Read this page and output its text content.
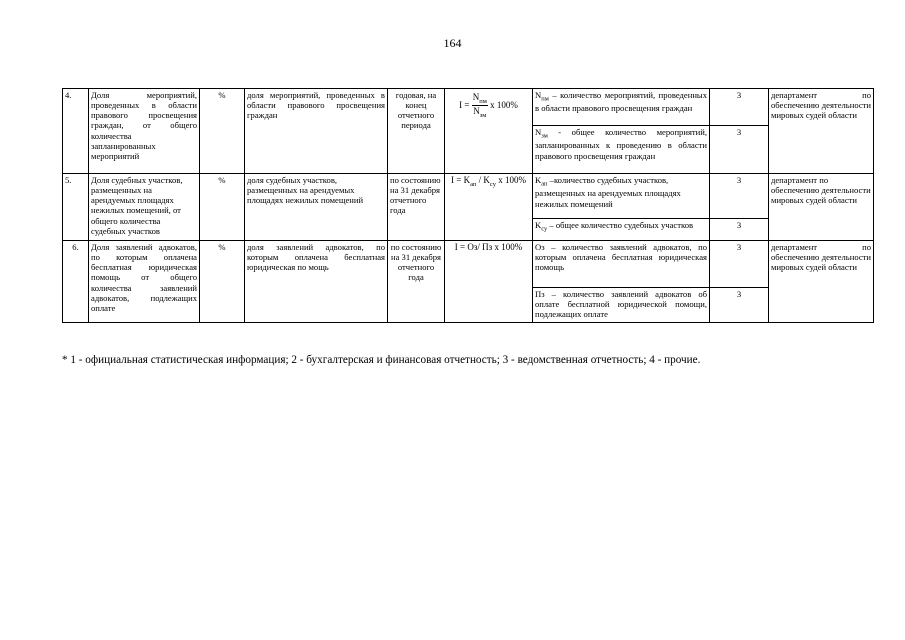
164
4.	Доля мероприятий, проведенных в области правового просвещения граждан, от общего количества запланированных мероприятий	%	доля мероприятий, проведенных в области правового просвещения граждан	годовая, на конец отчетного периода	$I = \frac{N_{пм}}{N_{зм}}$ x 100%	$N_{пм}$ – количество мероприятий, проведенных в области правового просвещения граждан	3	департамент по обеспечению деятельности мировых судей области
						$N_{зм}$ - общее количество мероприятий, запланированных к проведению в области правового просвещения граждан	3	
5.	Доля судебных участков, размещенных на арендуемых площадях нежилых помещений, от общего количества судебных участков	%	доля судебных участков, размещенных на арендуемых площадях нежилых помещений	по состоянию на 31 декабря отчетного года	$I = K_{ап} / K_{су}$ x 100%	$K_{ап}$ –количество судебных участков, размещенных на арендуемых площадях нежилых помещений	3	департамент по обеспечению деятельности мировых судей области
						$K_{су}$ – общее количество судебных участков	3	
6.	Доля заявлений адвокатов, по которым оплачена бесплатная юридическая помощь от общего количества заявлений адвокатов, подлежащих оплате	%	доля заявлений адвокатов, по которым оплачена бесплатная юридическая по мощь	по состоянию на 31 декабря отчетного года	I = Оз/ Пз x 100%	Оз – количество заявлений адвокатов, по которым оплачена бесплатная юридическая помощь	3	департамент по обеспечению деятельности мировых судей области
						Пз – количество заявлений адвокатов об оплате бесплатной юридической помощи, подлежащих оплате	3	
* 1 - официальная статистическая информация; 2 - бухгалтерская и финансовая отчетность; 3 - ведомственная отчетность; 4 - прочие.
